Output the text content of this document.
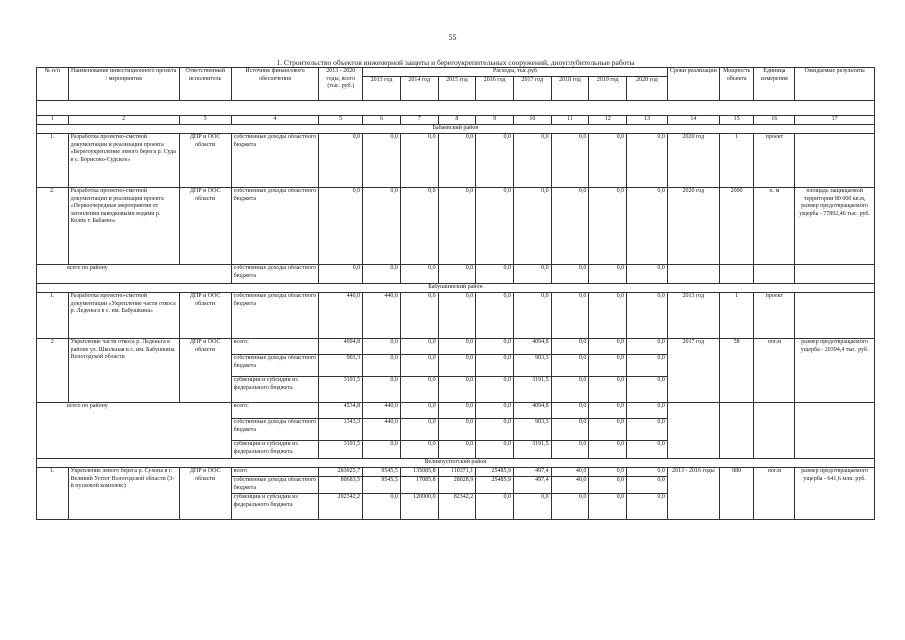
55
1. Строительство объектов инженерной защиты и берегоукрепительных сооружений, дноуглубительные работы																
№ п/п	Наименование инвестиционного проекта / мероприятия	Ответственный исполнитель	Источник финансового обеспечения	2013 - 2020 годы, всего (тыс. руб.)	Расходы, тыс.руб								Сроки реализации	Мощность объекта	Единица измерения	Ожидаемые результаты
					2013 год	2014 год	2015 год	2016 год	2017 год	2018 год	2019 год	2020 год				

1	2	3	4	5	6	7	8	9	10	11	12	13	14	15	16	17
Бабаевский район																
1.	Разработка проектно-сметной документации и реализация проекта «Берегоукрепление левого берега р. Суда в с. Борисово-Судское»	ДПР и ООС области	собственные доходы областного бюджета	0,0	0,0	0,0	0,0	0,0	0,0	0,0	0,0	0,0	2020 год	1	проект	
2.	Разработка проектно-сметной документации и реализация проекта «Первоочередные мероприятия от затопления паводковыми водами р. Колпь г. Бабаево»	ДПР и ООС области	собственные доходы областного бюджета	0,0	0,0	0,0	0,0	0,0	0,0	0,0	0,0	0,0	2020 год	2000	п. м	площадь защищаемой территории 80 000 кв.м, размер предотвращаемого ущерба - 77892,46 тыс. руб.
всего по району			собственные доходы областного бюджета	0,0	0,0	0,0	0,0	0,0	0,0	0,0	0,0	0,0				
Бабушкинский район																
1.	Разработка проектно-сметной документации «Укрепление части откоса р. Леденьга в с. им. Бабушкина»	ДПР и ООС области	собственные доходы областного бюджета	440,0	440,0	0,0	0,0	0,0	0,0	0,0	0,0	0,0	2013 год	1	проект	
2	Укрепление части откоса р. Леденьга в районе ул. Школьная в с. им. Бабушкина Вологодской области	ДПР и ООС области	всего:	4094,8	0,0	0,0	0,0	0,0	4094,8	0,0	0,0	0,0	2017 год	58	пог.м	размер предотвращаемого ущерба - 20394,4 тыс. руб.
			собственные доходы областного бюджета	903,3	0,0	0,0	0,0	0,0	903,3	0,0	0,0	0,0				
			субвенции и субсидии из федерального бюджета	3191,5	0,0	0,0	0,0	0,0	3191,5	0,0	0,0	0,0				
всего по району			всего:	4534,8	440,0	0,0	0,0	0,0	4094,8	0,0	0,0	0,0				
			собственные доходы областного бюджета	1343,3	440,0	0,0	0,0	0,0	903,3	0,0	0,0	0,0				
			субвенции и субсидии из федерального бюджета	3191,5	0,0	0,0	0,0	0,0	3191,5	0,0	0,0	0,0				
Великоустюгский район																
1.	Укрепление левого берега р. Сухона в г. Великий Устюг Вологодской области (3-й пусковой комплекс)	ДПР и ООС области	всего	283025,7	9545,5	135085,8	110371,1	25485,9	497,4	40,0	0,0	0,0	2013 - 2016 годы	880	пог.м	размер предотвращаемого ущерба - 641,6 млн. руб.
			собственные доходы областного бюджета	80683,5	9545,5	17085,8	28028,9	25485,9	497,4	40,0	0,0	0,0				
			субвенции и субсидии из федерального бюджета	202342,2	0,0	120000,0	82342,2	0,0	0,0	0,0	0,0	0,0				
